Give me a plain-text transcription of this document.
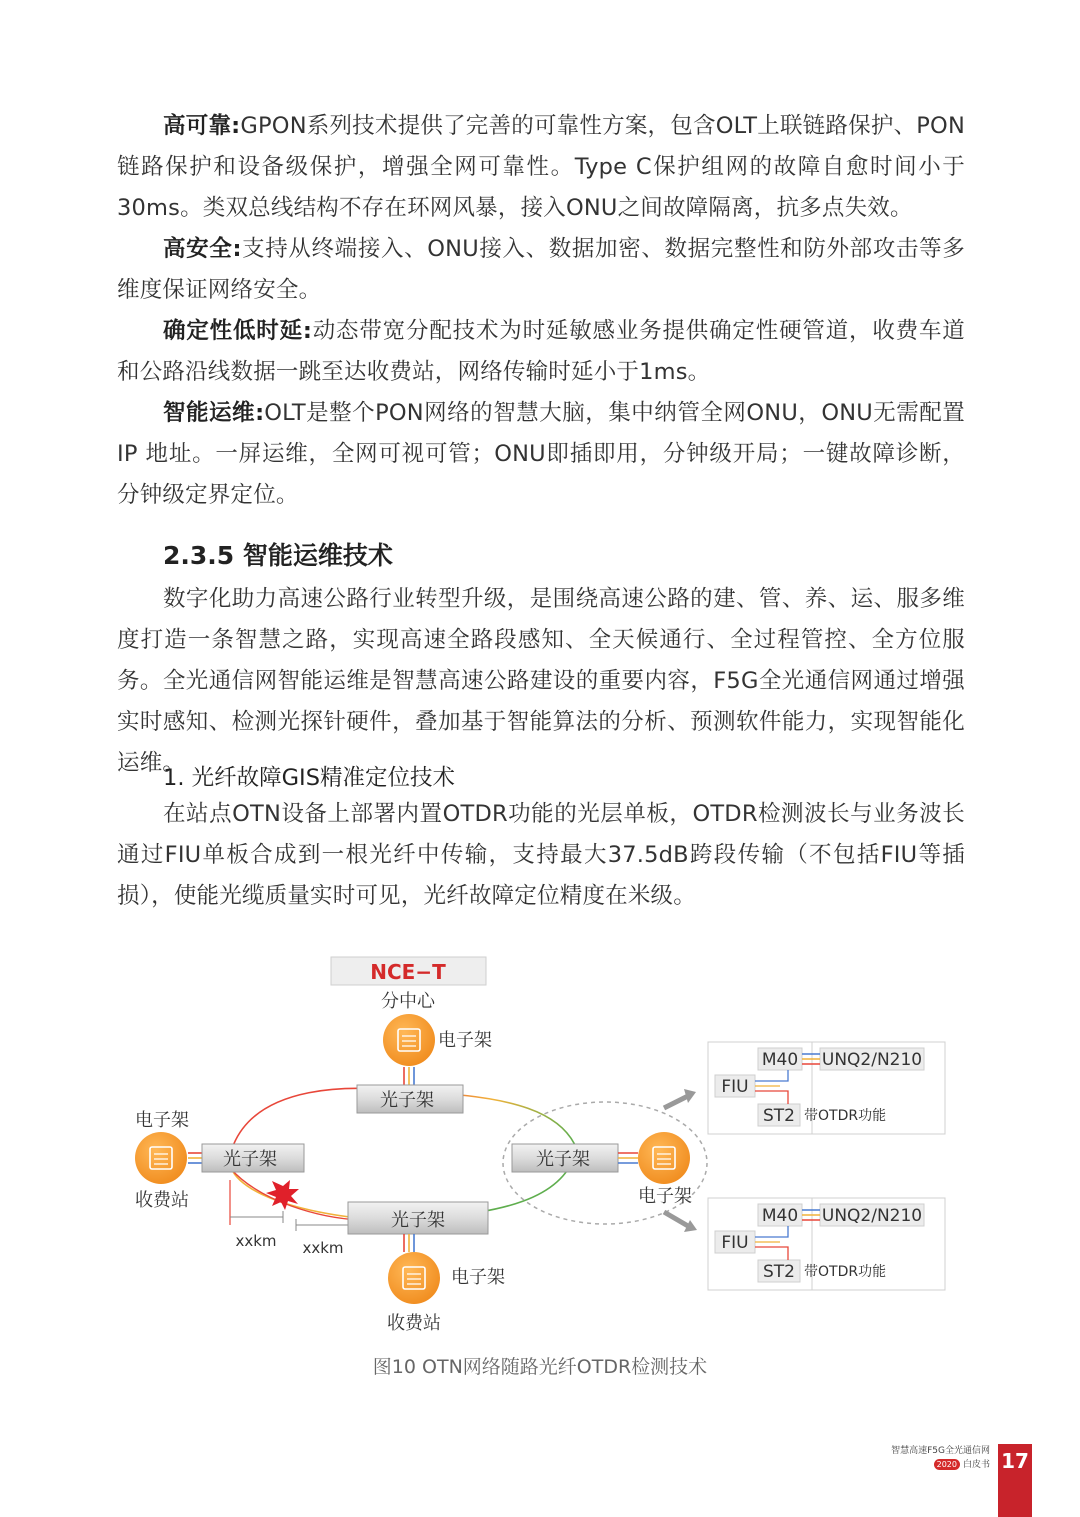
高可靠:GPON系列技术提供了完善的可靠性方案，包含OLT上联链路保护、PON链路保护和设备级保护，增强全网可靠性。Type C保护组网的故障自愈时间小于30ms。类双总线结构不存在环网风暴，接入ONU之间故障隔离，抗多点失效。

高安全:支持从终端接入、ONU接入、数据加密、数据完整性和防外部攻击等多维度保证网络安全。

确定性低时延:动态带宽分配技术为时延敏感业务提供确定性硬管道，收费车道和公路沿线数据一跳至达收费站，网络传输时延小于1ms。

智能运维:OLT是整个PON网络的智慧大脑，集中纳管全网ONU，ONU无需配置IP 地址。一屏运维，全网可视可管；ONU即插即用，分钟级开局；一键故障诊断，分钟级定界定位。

2.3.5 智能运维技术

数字化助力高速公路行业转型升级，是围绕高速公路的建、管、养、运、服多维度打造一条智慧之路，实现高速全路段感知、全天候通行、全过程管控、全方位服务。全光通信网智能运维是智慧高速公路建设的重要内容，F5G全光通信网通过增强实时感知、检测光探针硬件，叠加基于智能算法的分析、预测软件能力，实现智能化运维。

1. 光纤故障GIS精准定位技术

在站点OTN设备上部署内置OTDR功能的光层单板，OTDR检测波长与业务波长通过FIU单板合成到一根光纤中传输，支持最大37.5dB跨段传输（不包括FIU等插损），使能光缆质量实时可见，光纤故障定位精度在米级。

NCE−T
分中心
电子架
光子架
电子架
光子架
收费站
xxkm xxkm
光子架
电子架
光子架
电子架
收费站
M40 UNQ2/N210
FIU
ST2 带OTDR功能
M40 UNQ2/N210
FIU
ST2 带OTDR功能
图10 OTN网络随路光纤OTDR检测技术
智慧高速F5G全光通信网
2020 白皮书 17
